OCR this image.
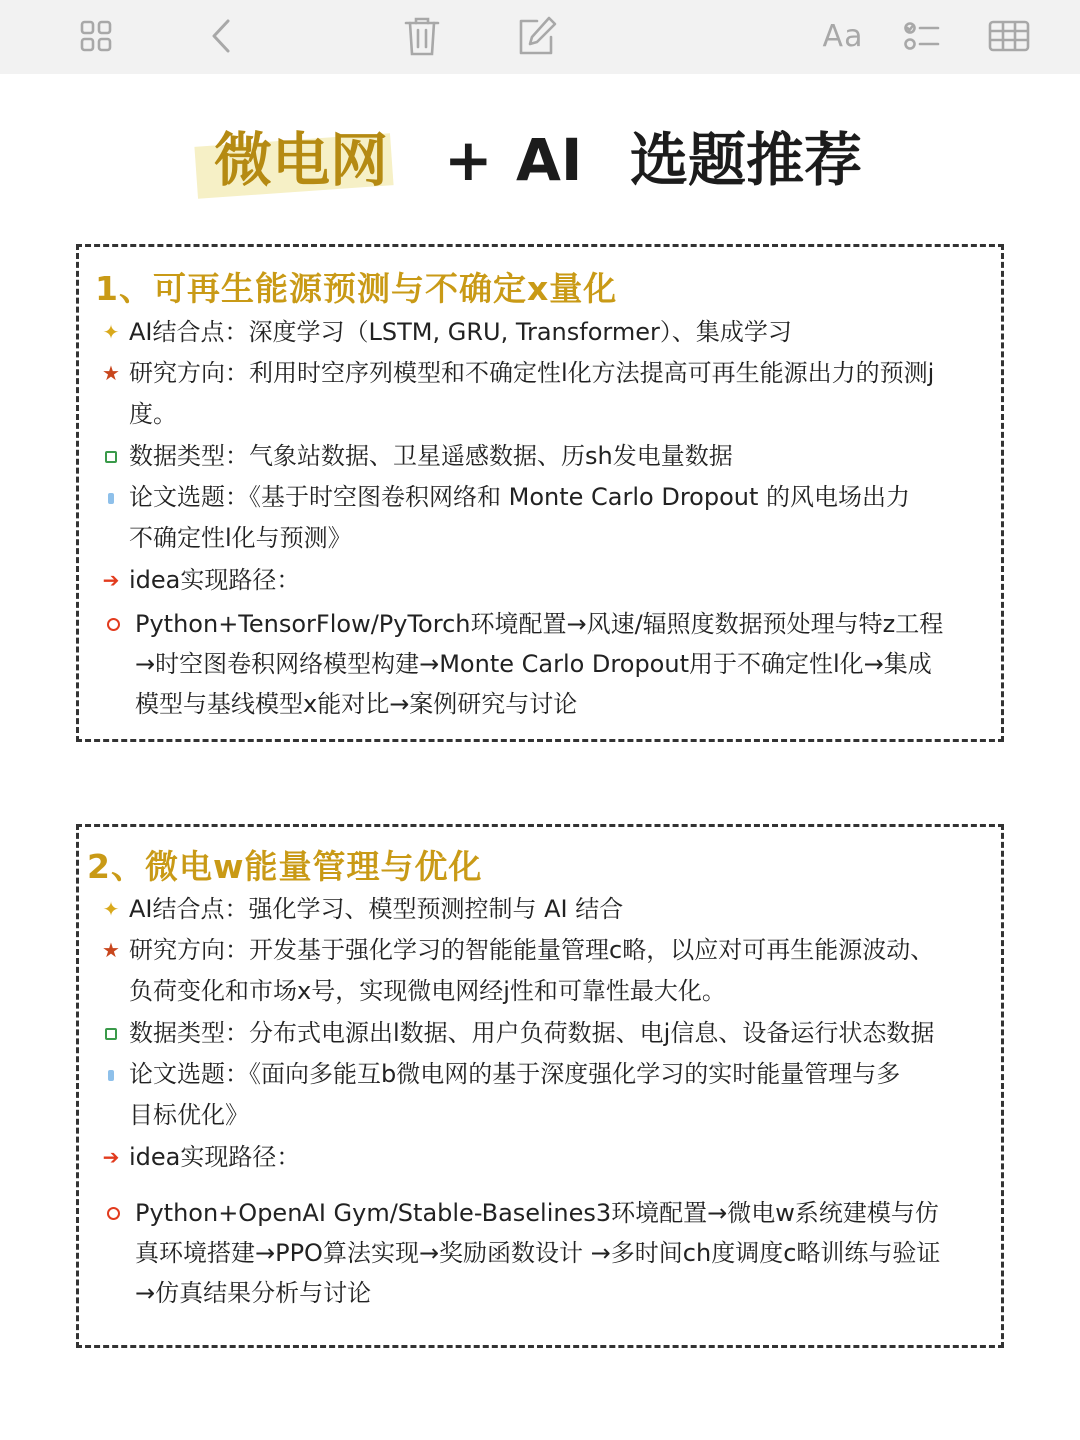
Aa
微电网 + AI 选题推荐
1、可再生能源预测与不确定x量化
✦ AI结合点：深度学习（LSTM, GRU, Transformer）、集成学习
★ 研究方向：利用时空序列模型和不确定性l化方法提高可再生能源出力的预测j
度。
数据类型：气象站数据、卫星遥感数据、历sh发电量数据
论文选题：《基于时空图卷积网络和 Monte Carlo Dropout 的风电场出力
不确定性l化与预测》
➔ idea实现路径：
Python+TensorFlow/PyTorch环境配置→风速/辐照度数据预处理与特z工程
→时空图卷积网络模型构建→Monte Carlo Dropout用于不确定性l化→集成
模型与基线模型x能对比→案例研究与讨论
2、微电w能量管理与优化
✦ AI结合点：强化学习、模型预测控制与 AI 结合
★ 研究方向：开发基于强化学习的智能能量管理c略，以应对可再生能源波动、
负荷变化和市场x号，实现微电网经j性和可靠性最大化。
数据类型：分布式电源出l数据、用户负荷数据、电j信息、设备运行状态数据
论文选题：《面向多能互b微电网的基于深度强化学习的实时能量管理与多
目标优化》
➔ idea实现路径：
Python+OpenAI Gym/Stable-Baselines3环境配置→微电w系统建模与仿
真环境搭建→PPO算法实现→奖励函数设计 →多时间ch度调度c略训练与验证
→仿真结果分析与讨论
